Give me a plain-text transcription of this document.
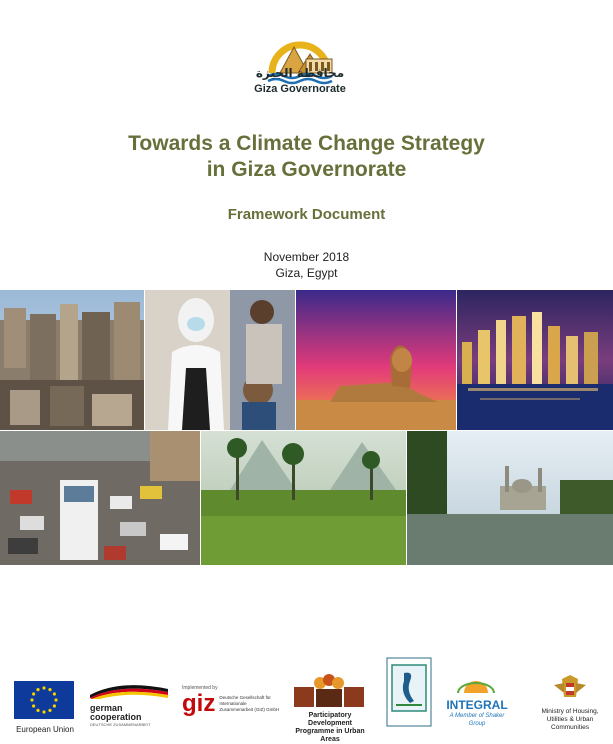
محافظة الجيزة
Giza Governorate
Towards a Climate Change Strategy
in Giza Governorate
Framework Document
November 2018
Giza, Egypt
European Union
german cooperation
DEUTSCHE ZUSAMMENARBEIT
Implemented by
giz Deutsche Gesellschaft für Internationale Zusammenarbeit (GIZ) GmbH
Participatory Development
Programme in Urban Areas
INTEGRAL
A Member of Shaker Group
Ministry of Housing,
Utilities & Urban Communities
